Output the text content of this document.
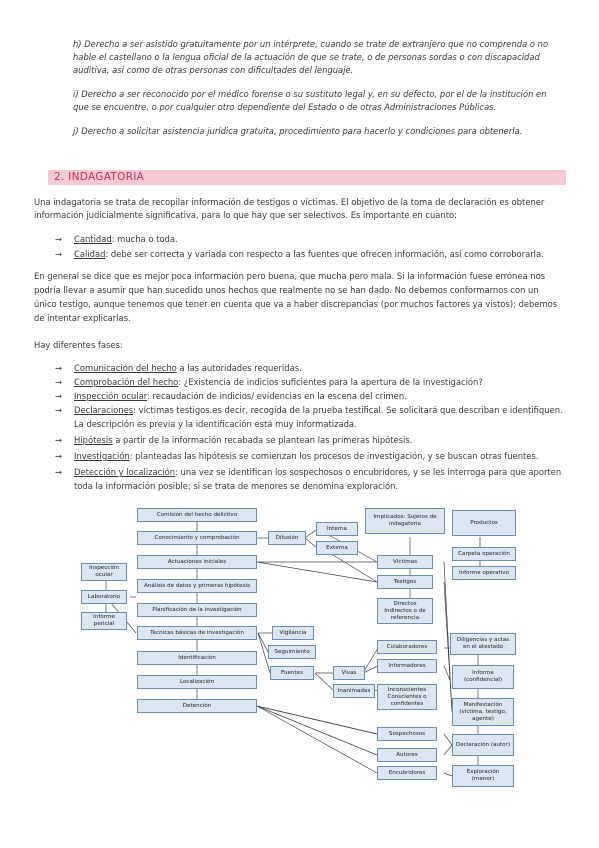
h) Derecho a ser asistido gratuitamente por un intérprete, cuando se trate de extranjero que no comprenda o no
hable el castellano o la lengua oficial de la actuación de que se trate, o de personas sordas o con discapacidad
auditiva, así como de otras personas con dificultades del lenguaje.
i) Derecho a ser reconocido por el médico forense o su sustituto legal y, en su defecto, por el de la institución en
que se encuentre, o por cualquier otro dependiente del Estado o de otras Administraciones Públicas.
j) Derecho a solicitar asistencia jurídica gratuita, procedimiento para hacerlo y condiciones para obtenerla.
2. INDAGATORIA
Una indagatoria se trata de recopilar información de testigos o víctimas. El objetivo de la toma de declaración es obtener
información judicialmente significativa, para lo que hay que ser selectivos. Es importante en cuanto:
→ Cantidad: mucha o toda.
→ Calidad: debe ser correcta y variada con respecto a las fuentes que ofrecen información, así como corroborarla.
En general se dice que es mejor poca información pero buena, que mucha pero mala. Si la información fuese errónea nos
podría llevar a asumir que han sucedido unos hechos que realmente no se han dado. No debemos conformarnos con un
único testigo, aunque tenemos que tener en cuenta que va a haber discrepancias (por muchos factores ya vistos); debemos
de intentar explicarlas.
Hay diferentes fases:
→ Comunicación del hecho a las autoridades requeridas.
→ Comprobación del hecho: ¿Existencia de indicios suficientes para la apertura de la investigación?
→ Inspección ocular: recaudación de indicios/ evidencias en la escena del crimen.
→ Declaraciones: víctimas testigos.es decir, recogida de la prueba testifical. Se solicitará que describan e identifiquen.
La descripción es previa y la identificación está muy informatizada.
→ Hipótesis a partir de la información recabada se plantean las primeras hipótesis.
→ Investigación: planteadas las hipótesis se comienzan los procesos de investigación, y se buscan otras fuentes.
→ Detección y localización: una vez se identifican los sospechosos o encubridores, y se les interroga para que aporten
toda la información posible; si se trata de menores se denomina exploración.
Comisión del hecho delictivo
Conocimiento y comprobación
Actuaciones iniciales
Análisis de datos y primeras hipótesis
Planificación de la investigación
Técnicas básicas de investigación
Identificación
Localización
Detención
Inspección ocular
Laboratorio
Informe pericial
Difusión
Interna
Externa
Vigilancia
Seguimiento
Fuentes	Vivas
Inanimadas
Implicados: Sujetos de indagatoria
Víctimas
Testigos
Directos Indirectos o de referencia
Colaboradores
Informadores
Inconscientes Conscientes o confidentes
Sospechosos
Autores
Encubridores
Productos
Carpeta operación
Informe operativo
Diligencias y actas en el atestado
Informe (confidencial)
Manifestación (víctima, testigo, agente)
Declaración (autor)
Exploración (menor)
